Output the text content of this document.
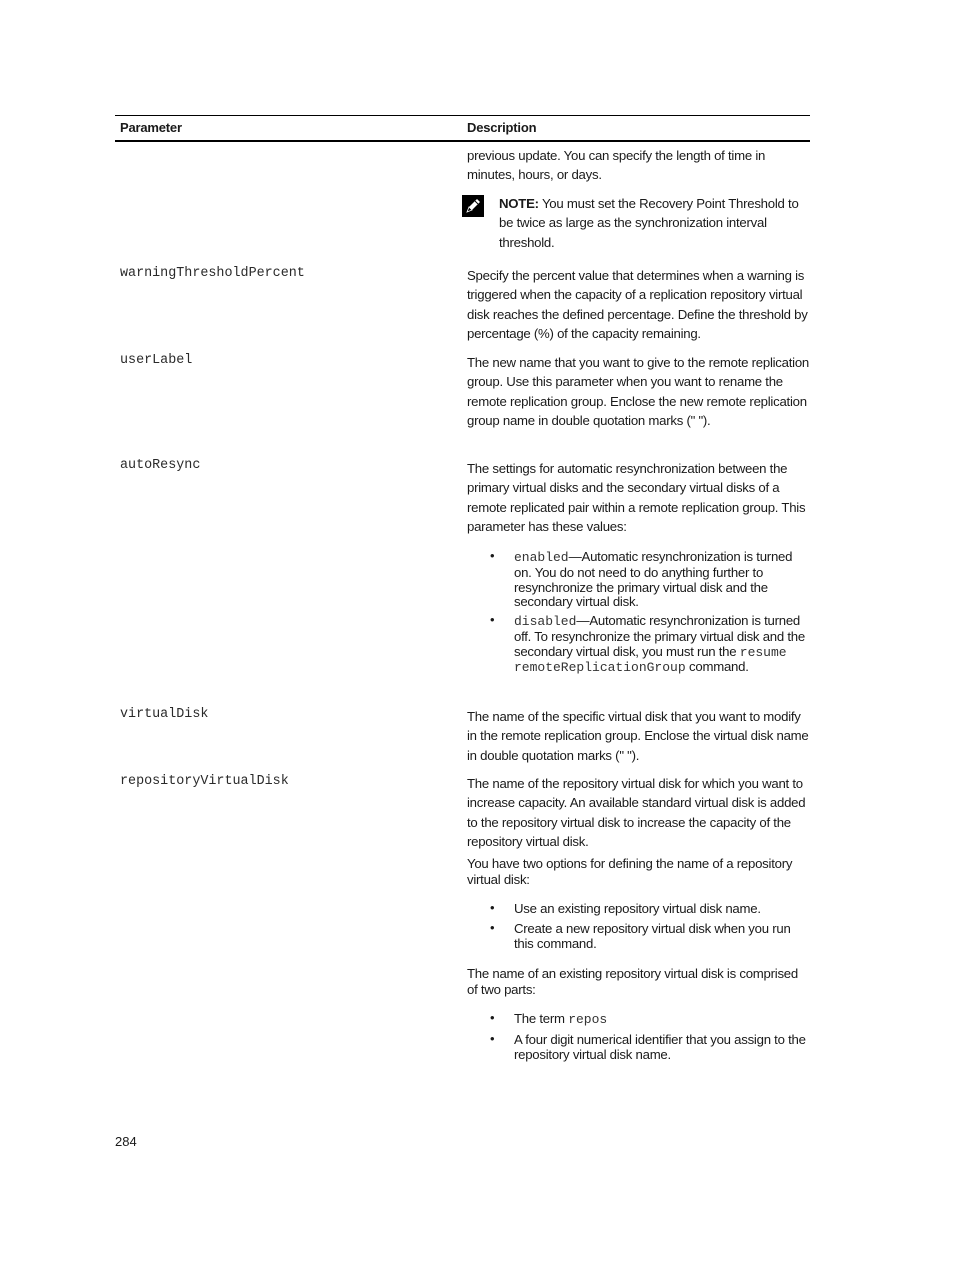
Parameter	Description

previous update. You can specify the length of time in minutes, hours, or days.

NOTE: You must set the Recovery Point Threshold to be twice as large as the synchronization interval threshold.

warningThresholdPercent	Specify the percent value that determines when a warning is triggered when the capacity of a replication repository virtual disk reaches the defined percentage. Define the threshold by percentage (%) of the capacity remaining.

userLabel	The new name that you want to give to the remote replication group. Use this parameter when you want to rename the remote replication group. Enclose the new remote replication group name in double quotation marks (" ").

autoResync	The settings for automatic resynchronization between the primary virtual disks and the secondary virtual disks of a remote replicated pair within a remote replication group. This parameter has these values:

• enabled—Automatic resynchronization is turned on. You do not need to do anything further to resynchronize the primary virtual disk and the secondary virtual disk.
• disabled—Automatic resynchronization is turned off. To resynchronize the primary virtual disk and the secondary virtual disk, you must run the resume remoteReplicationGroup command.
virtualDisk	The name of the specific virtual disk that you want to modify in the remote replication group. Enclose the virtual disk name in double quotation marks (" ").

repositoryVirtualDisk	The name of the repository virtual disk for which you want to increase capacity. An available standard virtual disk is added to the repository virtual disk to increase the capacity of the repository virtual disk.

You have two options for defining the name of a repository virtual disk:

• Use an existing repository virtual disk name.
• Create a new repository virtual disk when you run this command.

The name of an existing repository virtual disk is comprised of two parts:

• The term repos
• A four digit numerical identifier that you assign to the repository virtual disk name.
284
